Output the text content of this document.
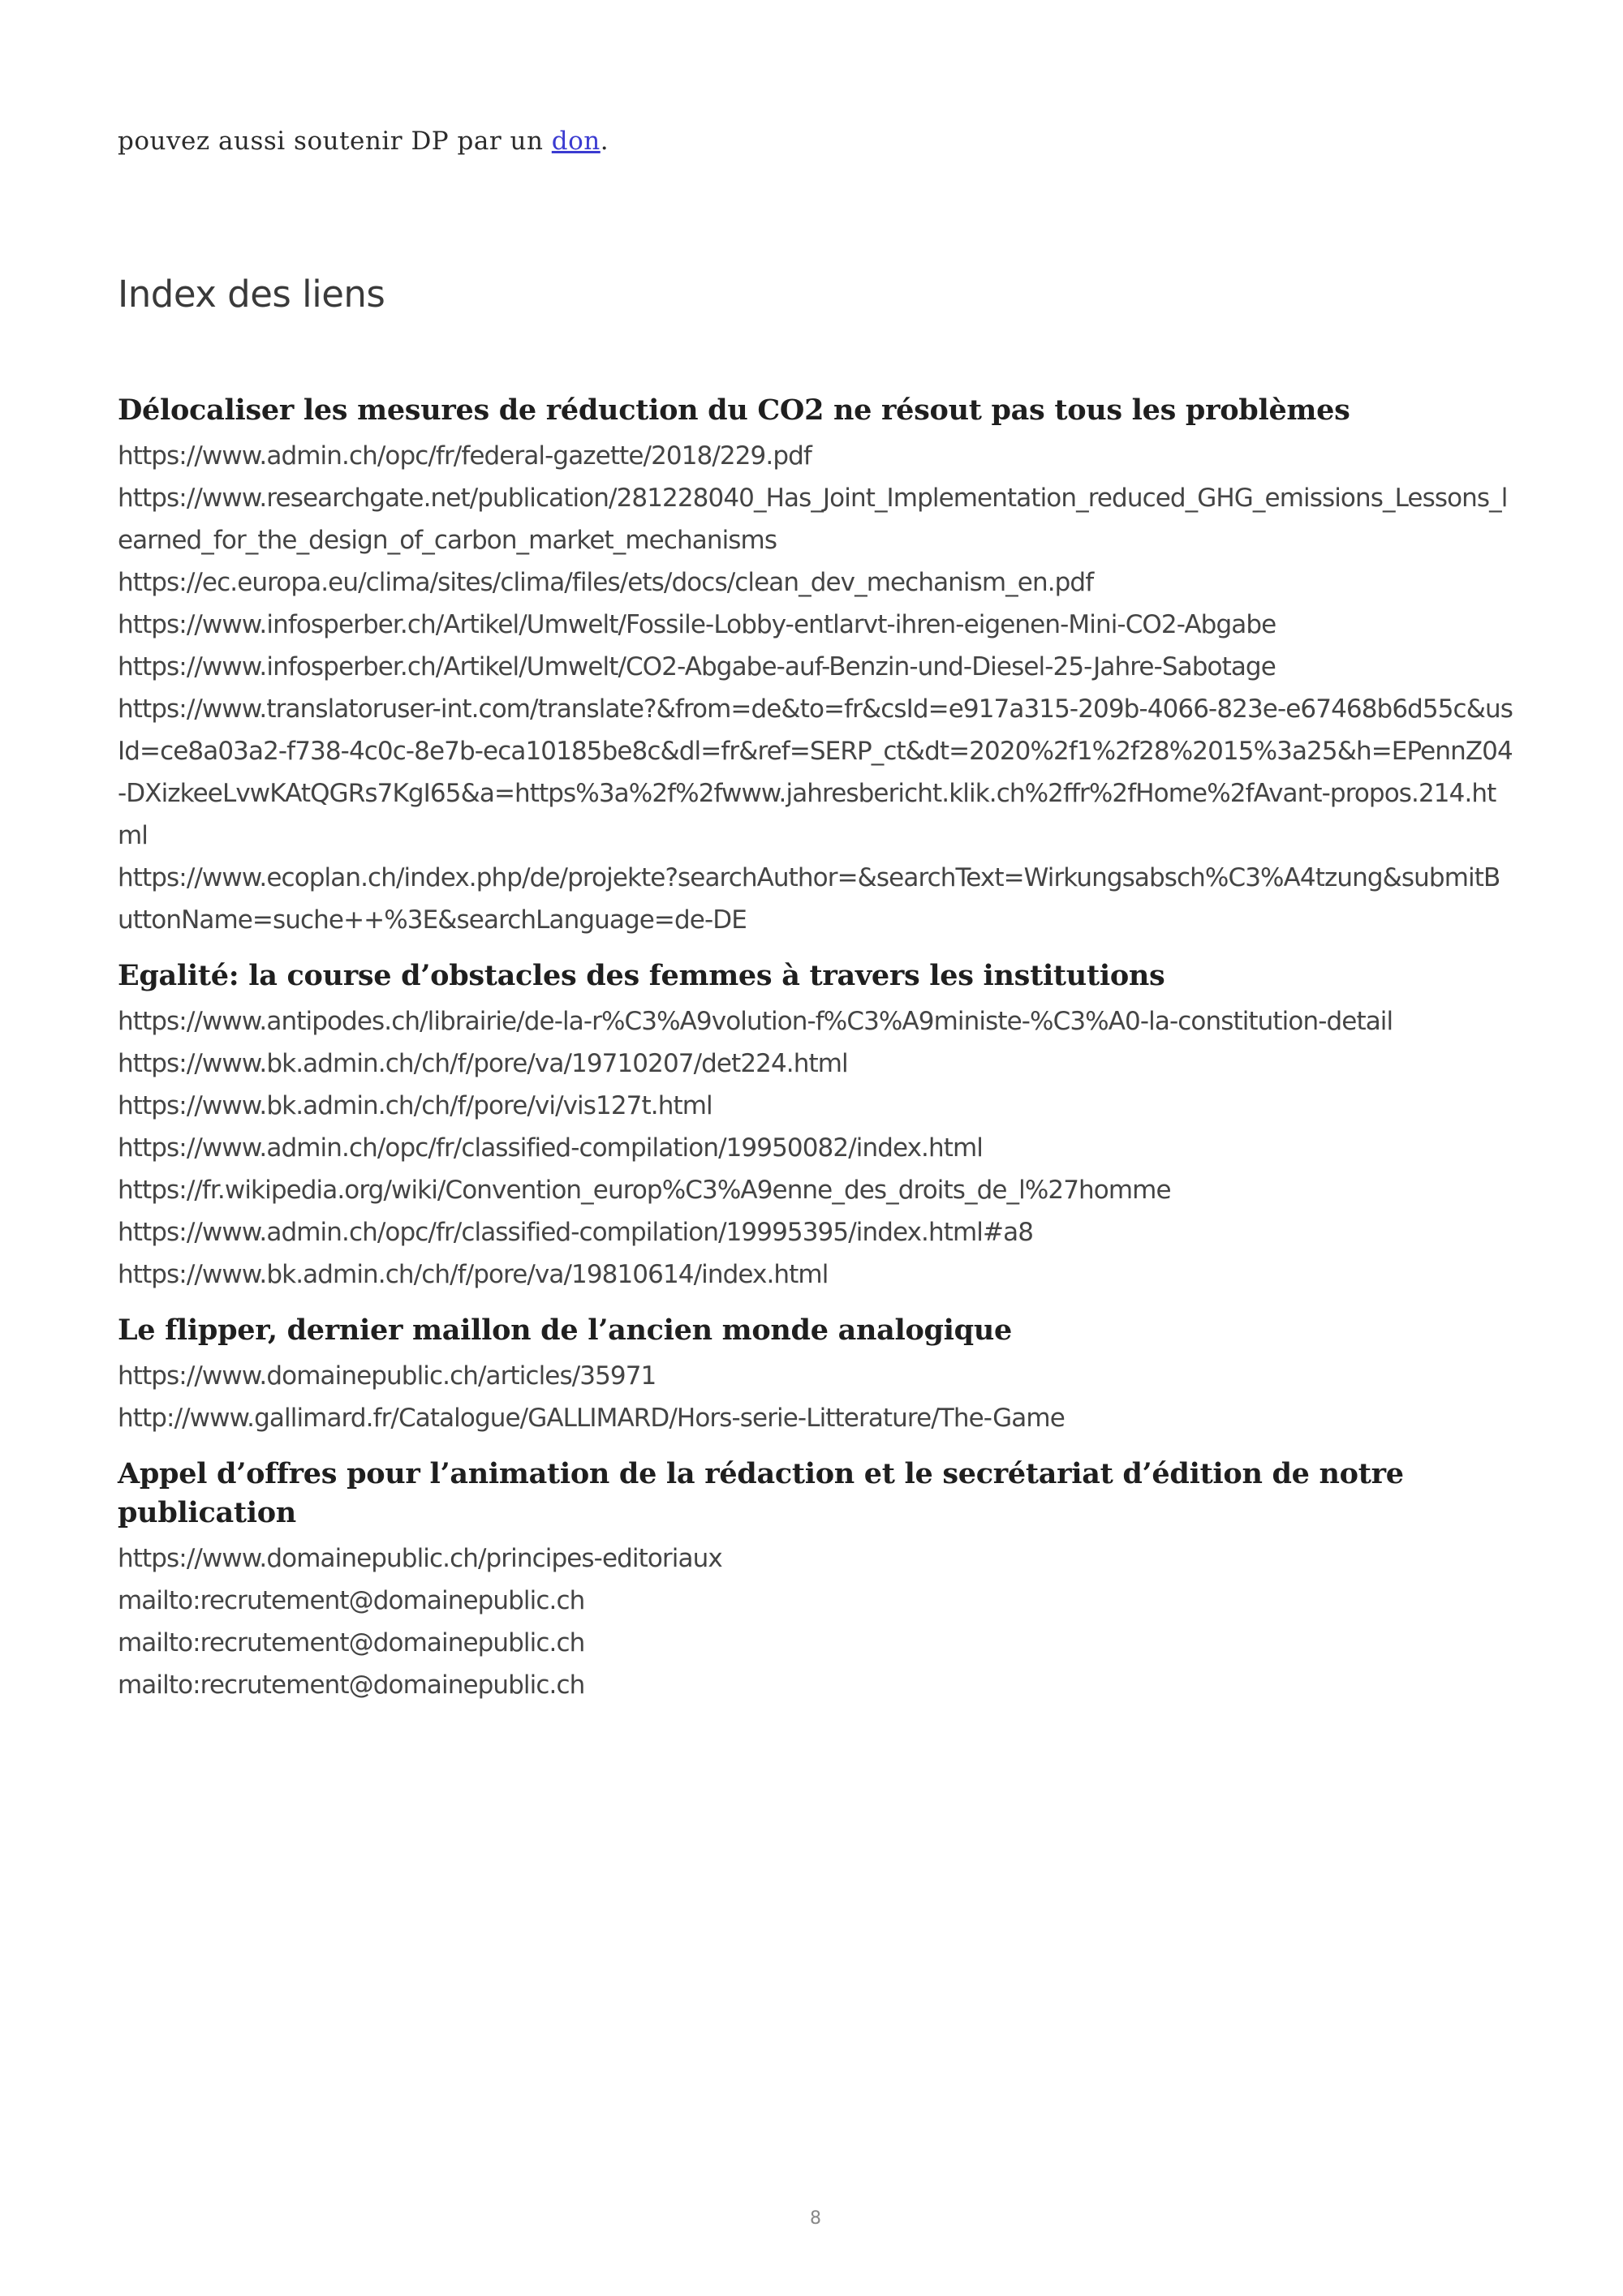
pouvez aussi soutenir DP par un don.

Index des liens
Délocaliser les mesures de réduction du CO2 ne résout pas tous les problèmes
https://www.admin.ch/opc/fr/federal-gazette/2018/229.pdf
https://www.researchgate.net/publication/281228040_Has_Joint_Implementation_reduced_GHG_emissions_Lessons_learned_for_the_design_of_carbon_market_mechanisms
https://ec.europa.eu/clima/sites/clima/files/ets/docs/clean_dev_mechanism_en.pdf
https://www.infosperber.ch/Artikel/Umwelt/Fossile-Lobby-entlarvt-ihren-eigenen-Mini-CO2-Abgabe
https://www.infosperber.ch/Artikel/Umwelt/CO2-Abgabe-auf-Benzin-und-Diesel-25-Jahre-Sabotage
https://www.translatoruser-int.com/translate?&from=de&to=fr&csId=e917a315-209b-4066-823e-e67468b6d55c&usId=ce8a03a2-f738-4c0c-8e7b-eca10185be8c&dl=fr&ref=SERP_ct&dt=2020%2f1%2f28%2015%3a25&h=EPennZ04-DXizkeeLvwKAtQGRs7KgI65&a=https%3a%2f%2fwww.jahresbericht.klik.ch%2ffr%2fHome%2fAvant-propos.214.html
https://www.ecoplan.ch/index.php/de/projekte?searchAuthor=&searchText=Wirkungsabsch%C3%A4tzung&submitButtonName=suche++%3E&searchLanguage=de-DE
Egalité: la course d’obstacles des femmes à travers les institutions
https://www.antipodes.ch/librairie/de-la-r%C3%A9volution-f%C3%A9ministe-%C3%A0-la-constitution-detail
https://www.bk.admin.ch/ch/f/pore/va/19710207/det224.html
https://www.bk.admin.ch/ch/f/pore/vi/vis127t.html
https://www.admin.ch/opc/fr/classified-compilation/19950082/index.html
https://fr.wikipedia.org/wiki/Convention_europ%C3%A9enne_des_droits_de_l%27homme
https://www.admin.ch/opc/fr/classified-compilation/19995395/index.html#a8
https://www.bk.admin.ch/ch/f/pore/va/19810614/index.html
Le flipper, dernier maillon de l’ancien monde analogique
https://www.domainepublic.ch/articles/35971
http://www.gallimard.fr/Catalogue/GALLIMARD/Hors-serie-Litterature/The-Game
Appel d’offres pour l’animation de la rédaction et le secrétariat d’édition de notre publication
https://www.domainepublic.ch/principes-editoriaux
mailto:recrutement@domainepublic.ch
mailto:recrutement@domainepublic.ch
mailto:recrutement@domainepublic.ch
8
